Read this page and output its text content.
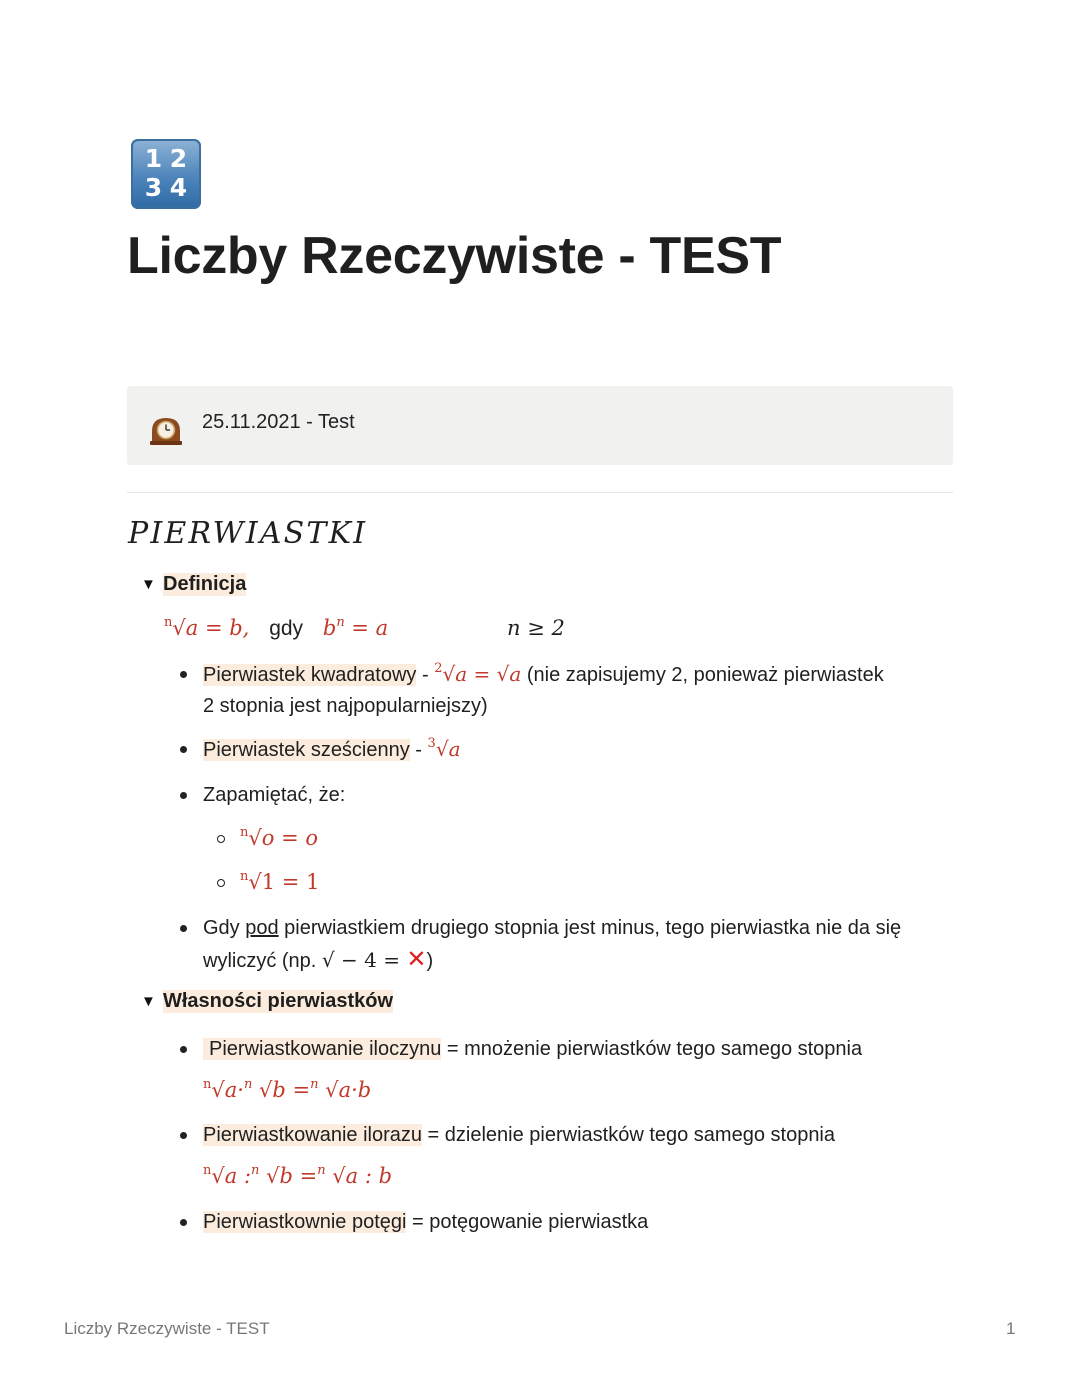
1 2
3 4
Liczby Rzeczywiste - TEST
25.11.2021 - Test
PIERWIASTKI
▼ Definicja
$^n$√a = b, gdy $b^n = a$	n ≥ 2
Pierwiastek kwadratowy - $^2$√a = √a (nie zapisujemy 2, ponieważ pierwiastek
2 stopnia jest najpopularniejszy)
Pierwiastek sześcienny - $^3$√a
Zapamiętać, że:
$^n$√o = o
$^n$√1 = 1
Gdy pod pierwiastkiem drugiego stopnia jest minus, tego pierwiastka nie da się
wyliczyć (np. √ − 4 = ✕)
▼ Własności pierwiastków
Pierwiastkowanie iloczynu = mnożenie pierwiastków tego samego stopnia
$^n$√a·$^n$ √b =$^n$ √a·b
Pierwiastkowanie ilorazu = dzielenie pierwiastków tego samego stopnia
$^n$√a :$^n$ √b =$^n$ √a : b
Pierwiastkownie potęgi = potęgowanie pierwiastka
Liczby Rzeczywiste - TEST	1
